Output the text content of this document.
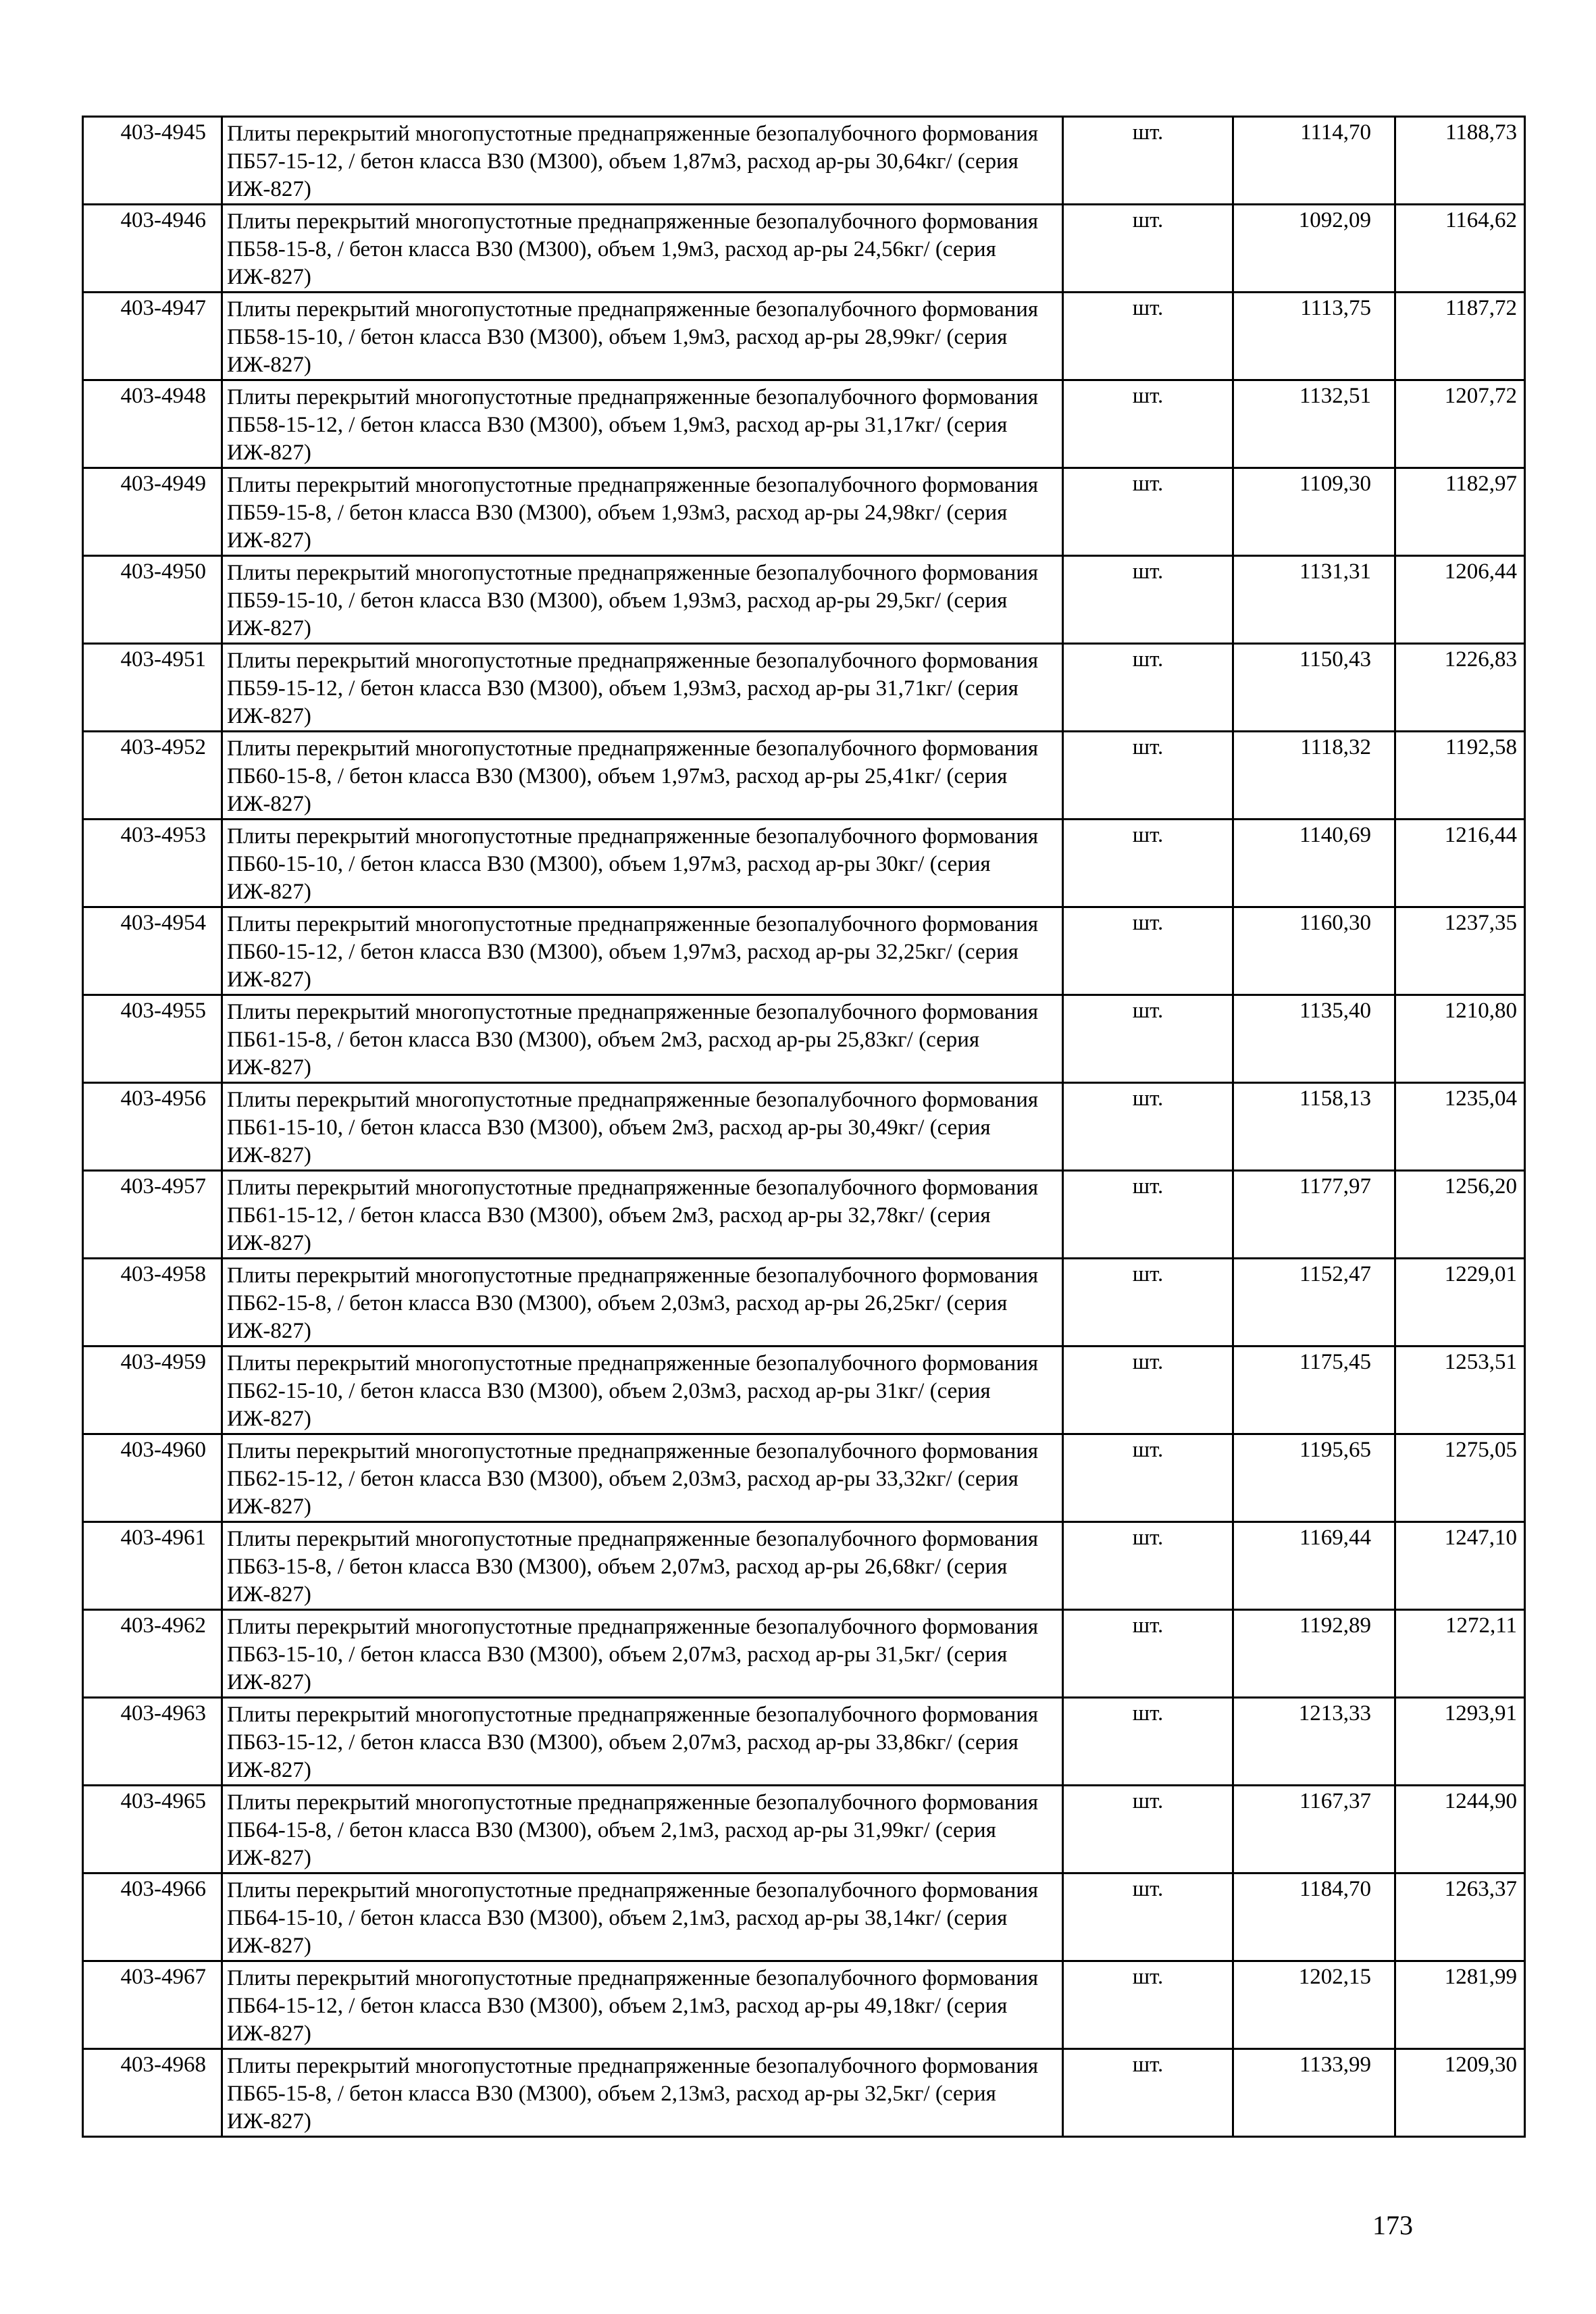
403-4945	Плиты перекрытий многопустотные преднапряженные безопалубочного формования ПБ57-15-12, / бетон класса В30 (М300), объем 1,87м3, расход ар-ры 30,64кг/ (серия ИЖ-827)	шт.	1114,70	1188,73
403-4946	Плиты перекрытий многопустотные преднапряженные безопалубочного формования ПБ58-15-8, / бетон класса В30 (М300), объем 1,9м3, расход ар-ры 24,56кг/ (серия ИЖ-827)	шт.	1092,09	1164,62
403-4947	Плиты перекрытий многопустотные преднапряженные безопалубочного формования ПБ58-15-10, / бетон класса В30 (М300), объем 1,9м3, расход ар-ры 28,99кг/ (серия ИЖ-827)	шт.	1113,75	1187,72
403-4948	Плиты перекрытий многопустотные преднапряженные безопалубочного формования ПБ58-15-12, / бетон класса В30 (М300), объем 1,9м3, расход ар-ры 31,17кг/ (серия ИЖ-827)	шт.	1132,51	1207,72
403-4949	Плиты перекрытий многопустотные преднапряженные безопалубочного формования ПБ59-15-8, / бетон класса В30 (М300), объем 1,93м3, расход ар-ры 24,98кг/ (серия ИЖ-827)	шт.	1109,30	1182,97
403-4950	Плиты перекрытий многопустотные преднапряженные безопалубочного формования ПБ59-15-10, / бетон класса В30 (М300), объем 1,93м3, расход ар-ры 29,5кг/ (серия ИЖ-827)	шт.	1131,31	1206,44
403-4951	Плиты перекрытий многопустотные преднапряженные безопалубочного формования ПБ59-15-12, / бетон класса В30 (М300), объем 1,93м3, расход ар-ры 31,71кг/ (серия ИЖ-827)	шт.	1150,43	1226,83
403-4952	Плиты перекрытий многопустотные преднапряженные безопалубочного формования ПБ60-15-8, / бетон класса В30 (М300), объем 1,97м3, расход ар-ры 25,41кг/ (серия ИЖ-827)	шт.	1118,32	1192,58
403-4953	Плиты перекрытий многопустотные преднапряженные безопалубочного формования ПБ60-15-10, / бетон класса В30 (М300), объем 1,97м3, расход ар-ры 30кг/ (серия ИЖ-827)	шт.	1140,69	1216,44
403-4954	Плиты перекрытий многопустотные преднапряженные безопалубочного формования ПБ60-15-12, / бетон класса В30 (М300), объем 1,97м3, расход ар-ры 32,25кг/ (серия ИЖ-827)	шт.	1160,30	1237,35
403-4955	Плиты перекрытий многопустотные преднапряженные безопалубочного формования ПБ61-15-8, / бетон класса В30 (М300), объем 2м3, расход ар-ры 25,83кг/ (серия ИЖ-827)	шт.	1135,40	1210,80
403-4956	Плиты перекрытий многопустотные преднапряженные безопалубочного формования ПБ61-15-10, / бетон класса В30 (М300), объем 2м3, расход ар-ры 30,49кг/ (серия ИЖ-827)	шт.	1158,13	1235,04
403-4957	Плиты перекрытий многопустотные преднапряженные безопалубочного формования ПБ61-15-12, / бетон класса В30 (М300), объем 2м3, расход ар-ры 32,78кг/ (серия ИЖ-827)	шт.	1177,97	1256,20
403-4958	Плиты перекрытий многопустотные преднапряженные безопалубочного формования ПБ62-15-8, / бетон класса В30 (М300), объем 2,03м3, расход ар-ры 26,25кг/ (серия ИЖ-827)	шт.	1152,47	1229,01
403-4959	Плиты перекрытий многопустотные преднапряженные безопалубочного формования ПБ62-15-10, / бетон класса В30 (М300), объем 2,03м3, расход ар-ры 31кг/ (серия ИЖ-827)	шт.	1175,45	1253,51
403-4960	Плиты перекрытий многопустотные преднапряженные безопалубочного формования ПБ62-15-12, / бетон класса В30 (М300), объем 2,03м3, расход ар-ры 33,32кг/ (серия ИЖ-827)	шт.	1195,65	1275,05
403-4961	Плиты перекрытий многопустотные преднапряженные безопалубочного формования ПБ63-15-8, / бетон класса В30 (М300), объем 2,07м3, расход ар-ры 26,68кг/ (серия ИЖ-827)	шт.	1169,44	1247,10
403-4962	Плиты перекрытий многопустотные преднапряженные безопалубочного формования ПБ63-15-10, / бетон класса В30 (М300), объем 2,07м3, расход ар-ры 31,5кг/ (серия ИЖ-827)	шт.	1192,89	1272,11
403-4963	Плиты перекрытий многопустотные преднапряженные безопалубочного формования ПБ63-15-12, / бетон класса В30 (М300), объем 2,07м3, расход ар-ры 33,86кг/ (серия ИЖ-827)	шт.	1213,33	1293,91
403-4965	Плиты перекрытий многопустотные преднапряженные безопалубочного формования ПБ64-15-8, / бетон класса В30 (М300), объем 2,1м3, расход ар-ры 31,99кг/ (серия ИЖ-827)	шт.	1167,37	1244,90
403-4966	Плиты перекрытий многопустотные преднапряженные безопалубочного формования ПБ64-15-10, / бетон класса В30 (М300), объем 2,1м3, расход ар-ры 38,14кг/ (серия ИЖ-827)	шт.	1184,70	1263,37
403-4967	Плиты перекрытий многопустотные преднапряженные безопалубочного формования ПБ64-15-12, / бетон класса В30 (М300), объем 2,1м3, расход ар-ры 49,18кг/ (серия ИЖ-827)	шт.	1202,15	1281,99
403-4968	Плиты перекрытий многопустотные преднапряженные безопалубочного формования ПБ65-15-8, / бетон класса В30 (М300), объем 2,13м3, расход ар-ры 32,5кг/ (серия ИЖ-827)	шт.	1133,99	1209,30
173
